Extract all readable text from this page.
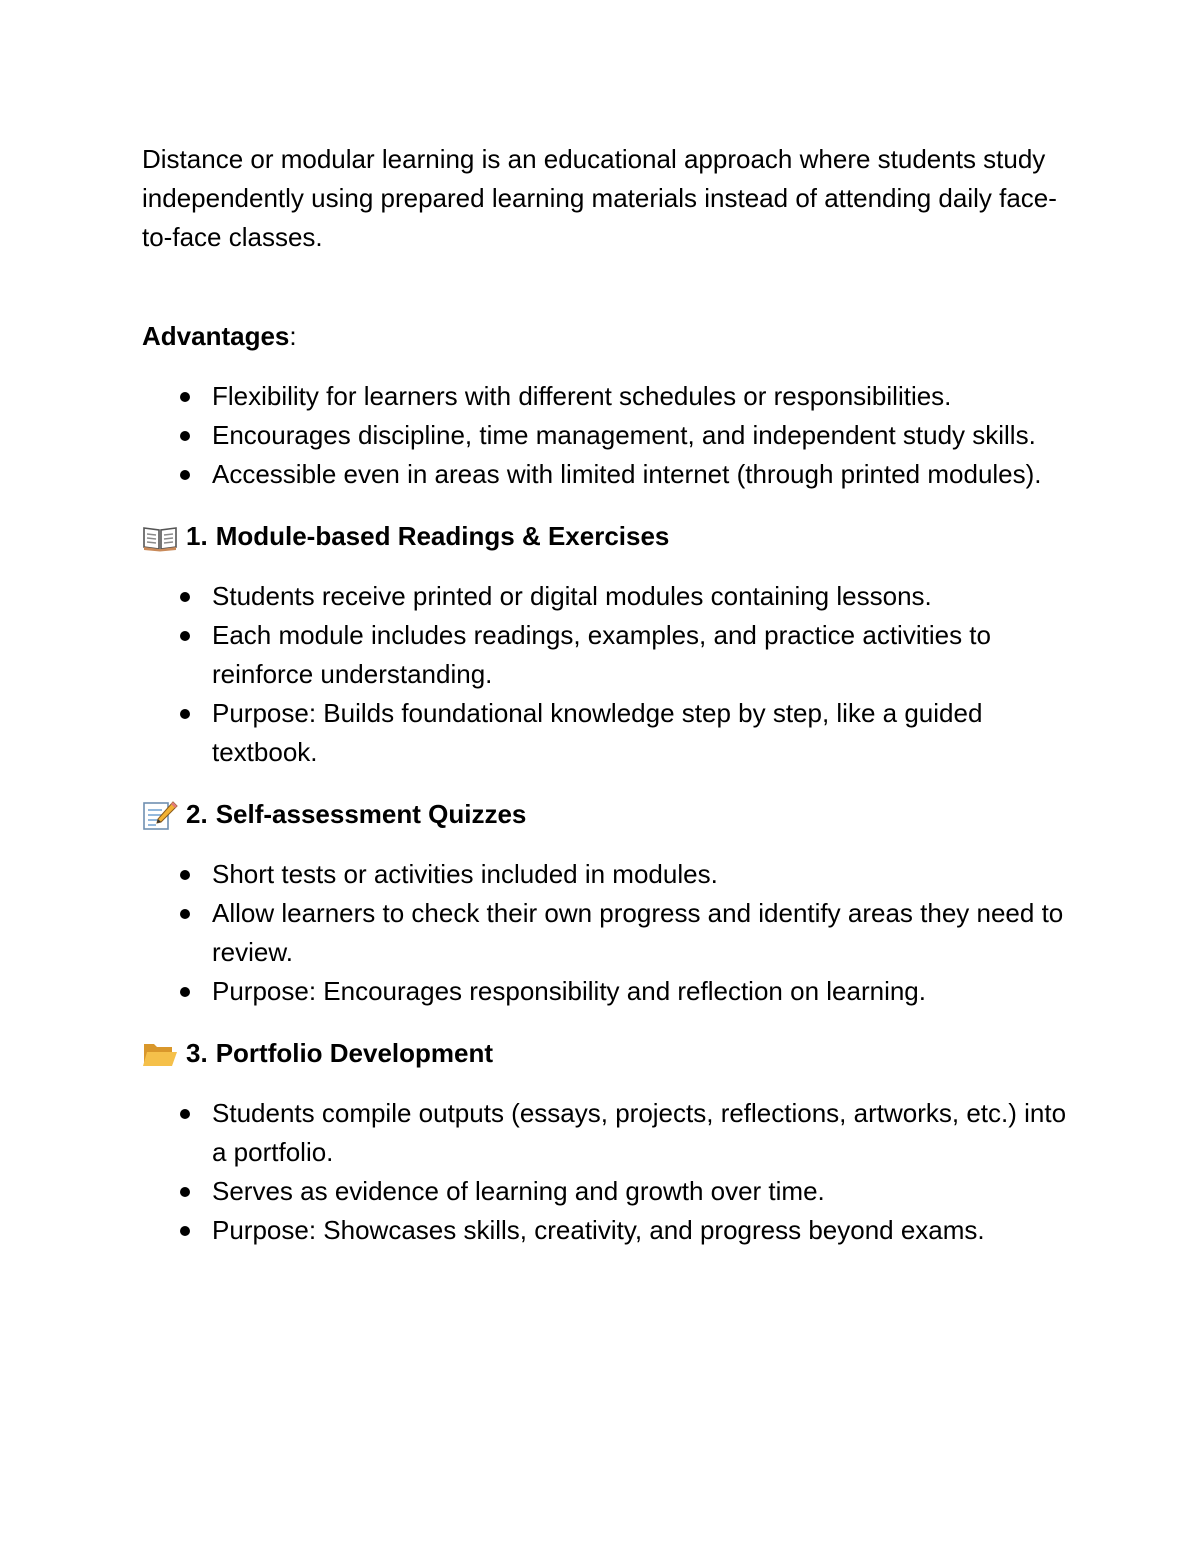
Distance or modular learning is an educational approach where students study independently using prepared learning materials instead of attending daily face-to-face classes.

Advantages:

Flexibility for learners with different schedules or responsibilities.
Encourages discipline, time management, and independent study skills.
Accessible even in areas with limited internet (through printed modules).
1. Module-based Readings & Exercises
Students receive printed or digital modules containing lessons.
Each module includes readings, examples, and practice activities to reinforce understanding.
Purpose: Builds foundational knowledge step by step, like a guided textbook.
2. Self-assessment Quizzes
Short tests or activities included in modules.
Allow learners to check their own progress and identify areas they need to review.
Purpose: Encourages responsibility and reflection on learning.
3. Portfolio Development
Students compile outputs (essays, projects, reflections, artworks, etc.) into a portfolio.
Serves as evidence of learning and growth over time.
Purpose: Showcases skills, creativity, and progress beyond exams.
